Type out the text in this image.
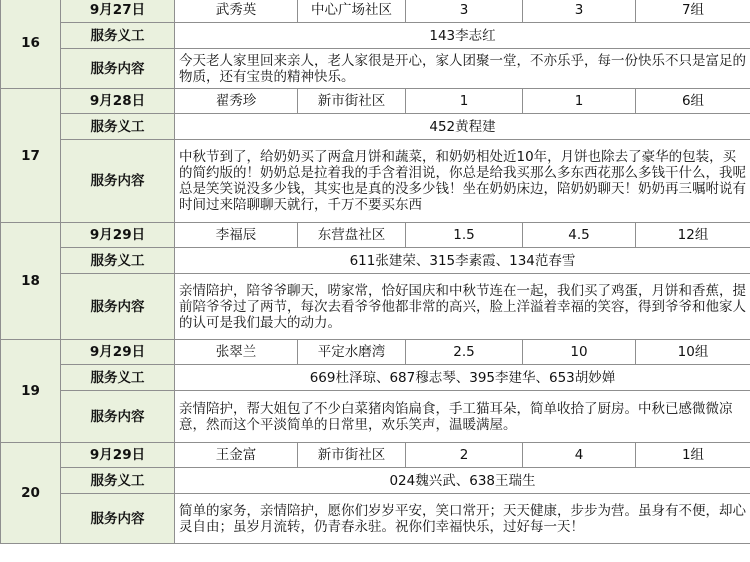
16	9月27日	武秀英	中心广场社区	3	3	7组
	服务义工	143李志红				
	服务内容	今天老人家里回来亲人，老人家很是开心，家人团聚一堂，不亦乐乎，每一份快乐不只是富足的物质，还有宝贵的精神快乐。				
17	9月28日	翟秀珍	新市街社区	1	1	6组
	服务义工	452黄程建				
	服务内容	中秋节到了，给奶奶买了两盒月饼和蔬菜，和奶奶相处近10年，月饼也除去了豪华的包装，买的简约版的！奶奶总是拉着我的手含着泪说，你总是给我买那么多东西花那么多钱干什么，我呢总是笑笑说没多少钱，其实也是真的没多少钱！坐在奶奶床边，陪奶奶聊天！奶奶再三嘱咐说有时间过来陪聊聊天就行，千万不要买东西				
18	9月29日	李福辰	东营盘社区	1.5	4.5	12组
	服务义工	611张建荣、315李素霞、134范春雪				
	服务内容	亲情陪护，陪爷爷聊天，唠家常，恰好国庆和中秋节连在一起，我们买了鸡蛋，月饼和香蕉，提前陪爷爷过了两节，每次去看爷爷他都非常的高兴，脸上洋溢着幸福的笑容，得到爷爷和他家人的认可是我们最大的动力。				
19	9月29日	张翠兰	平定水磨湾	2.5	10	10组
	服务义工	669杜泽琼、687穆志琴、395李建华、653胡妙婵				
	服务内容	亲情陪护，帮大姐包了不少白菜猪肉馅扁食，手工猫耳朵，简单收拾了厨房。中秋已感微微凉意，然而这个平淡简单的日常里，欢乐笑声，温暖满屋。				
20	9月29日	王金富	新市街社区	2	4	1组
	服务义工	024魏兴武、638王瑞生				
	服务内容	简单的家务，亲情陪护，愿你们岁岁平安，笑口常开；天天健康，步步为营。虽身有不便，却心灵自由；虽岁月流转，仍青春永驻。祝你们幸福快乐，过好每一天！				
